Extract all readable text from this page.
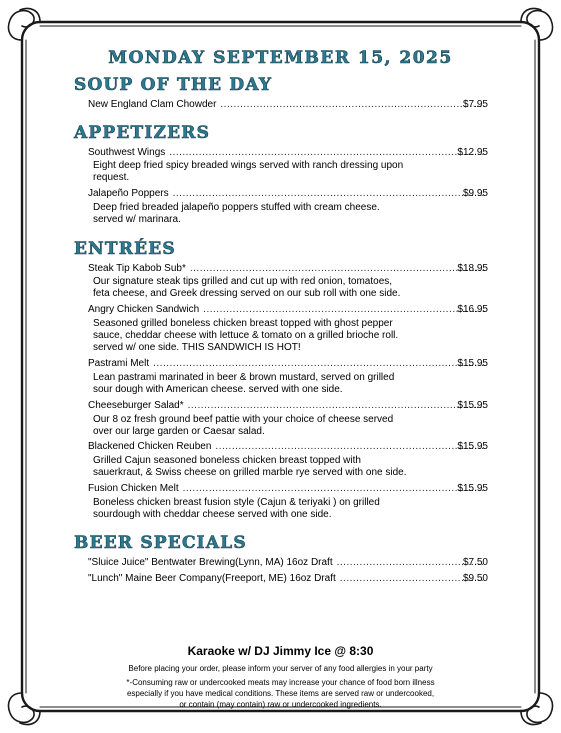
MONDAY SEPTEMBER 15, 2025
SOUP OF THE DAY
New England Clam Chowder .....	$7.95
APPETIZERS
Southwest Wings .....	$12.95
Eight deep fried spicy breaded wings served with ranch dressing upon
request.
Jalapeño Poppers .....	$9.95
Deep fried breaded jalapeño poppers stuffed with cream cheese.
served w/ marinara.
ENTRÉES
Steak Tip Kabob Sub* .....	$18.95
Our signature steak tips grilled and cut up with red onion, tomatoes,
feta cheese, and Greek dressing served on our sub roll with one side.
Angry Chicken Sandwich .....	$16.95
Seasoned grilled boneless chicken breast topped with ghost pepper
sauce, cheddar cheese with lettuce & tomato on a grilled brioche roll.
served w/ one side. THIS SANDWICH IS HOT!
Pastrami Melt .....	$15.95
Lean pastrami marinated in beer & brown mustard, served on grilled
sour dough with American cheese. served with one side.
Cheeseburger Salad* .....	$15.95
Our 8 oz fresh ground beef pattie with your choice of cheese served
over our large garden or Caesar salad.
Blackened Chicken Reuben .....	$15.95
Grilled Cajun seasoned boneless chicken breast topped with
sauerkraut, & Swiss cheese on grilled marble rye served with one side.
Fusion Chicken Melt .....	$15.95
Boneless chicken breast fusion style (Cajun & teriyaki ) on grilled
sourdough with cheddar cheese served with one side.
BEER SPECIALS
"Sluice Juice" Bentwater Brewing(Lynn, MA) 16oz Draft .....	$7.50
"Lunch" Maine Beer Company(Freeport, ME) 16oz Draft .....	$9.50
Karaoke w/ DJ Jimmy Ice @ 8:30
Before placing your order, please inform your server of any food allergies in your party
*-Consuming raw or undercooked meats may increase your chance of food born illness
especially if you have medical conditions. These items are served raw or undercooked,
or contain (may contain) raw or undercooked ingredients.
